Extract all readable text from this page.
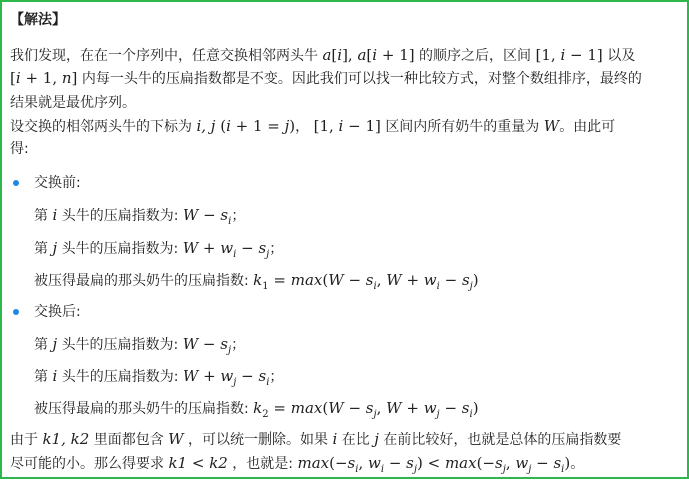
【解法】
我们发现，在在一个序列中，任意交换相邻两头牛 a[i], a[i + 1] 的顺序之后，区间 [1, i − 1] 以及
[i + 1, n] 内每一头牛的压扁指数都是不变。因此我们可以找一种比较方式，对整个数组排序，最终的
结果就是最优序列。
设交换的相邻两头牛的下标为 i, j (i + 1 = j)， [1, i − 1] 区间内所有奶牛的重量为 W。由此可
得:
交换前:
第 i 头牛的压扁指数为: $W - s_i$；
第 j 头牛的压扁指数为: $W + w_i - s_j$；
被压得最扁的那头奶牛的压扁指数: $k_1 = \max(W - s_i$, $W + w_i - s_j$)
交换后:
第 j 头牛的压扁指数为: $W - s_j$；
第 i 头牛的压扁指数为: $W + w_j - s_i$；
被压得最扁的那头奶牛的压扁指数: $k_2 = \max(W - s_j$, $W + w_j - s_i$)
由于 k1, k2 里面都包含 W ，可以统一删除。如果 i 在比 j 在前比较好，也就是总体的压扁指数要
尽可能的小。那么得要求 k1 < k2 ，也就是: $\max(-s_i$, $w_i - s_j) < \max(-s_j$, $w_j - s_i$)。
